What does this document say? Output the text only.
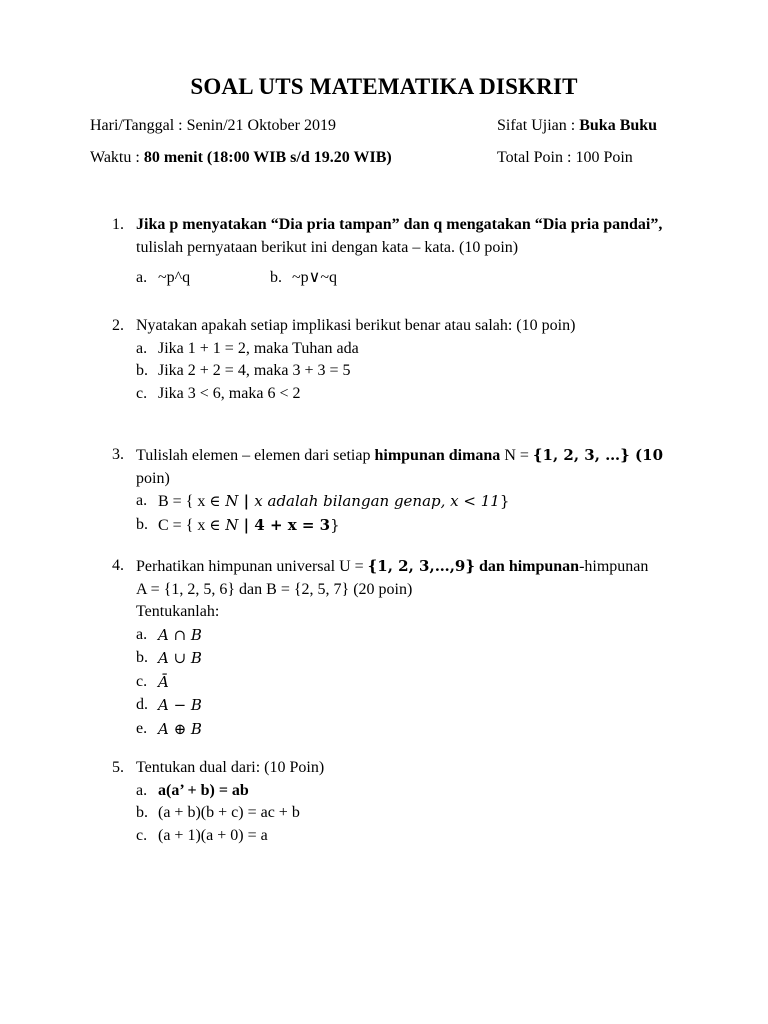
SOAL UTS MATEMATIKA DISKRIT
Hari/Tanggal : Senin/21 Oktober 2019	Sifat Ujian : Buka Buku
Waktu : 80 menit (18:00 WIB s/d 19.20 WIB)	Total Poin : 100 Poin
1. Jika p menyatakan “Dia pria tampan” dan q mengatakan “Dia pria pandai”,
tulislah pernyataan berikut ini dengan kata – kata. (10 poin)
a. ~p^q	b. ~p∨~q
2. Nyatakan apakah setiap implikasi berikut benar atau salah: (10 poin)
a. Jika 1 + 1 = 2, maka Tuhan ada
b. Jika 2 + 2 = 4, maka 3 + 3 = 5
c. Jika 3 < 6, maka 6 < 2
3. Tulislah elemen – elemen dari setiap himpunan dimana N = {1, 2, 3, …} (10
poin)
a. B = { x ∈ N | x adalah bilangan genap, x < 11}
b. C = { x ∈ N | 4 + x = 3}
4. Perhatikan himpunan universal U = {1, 2, 3,…,9} dan himpunan-himpunan
A = {1, 2, 5, 6} dan B = {2, 5, 7} (20 poin)
Tentukanlah:
a. A ∩ B
b. A ∪ B
c. Ā
d. A − B
e. A ⊕ B
5. Tentukan dual dari: (10 Poin)
a. a(a’ + b) = ab
b. (a + b)(b + c) = ac + b
c. (a + 1)(a + 0) = a
